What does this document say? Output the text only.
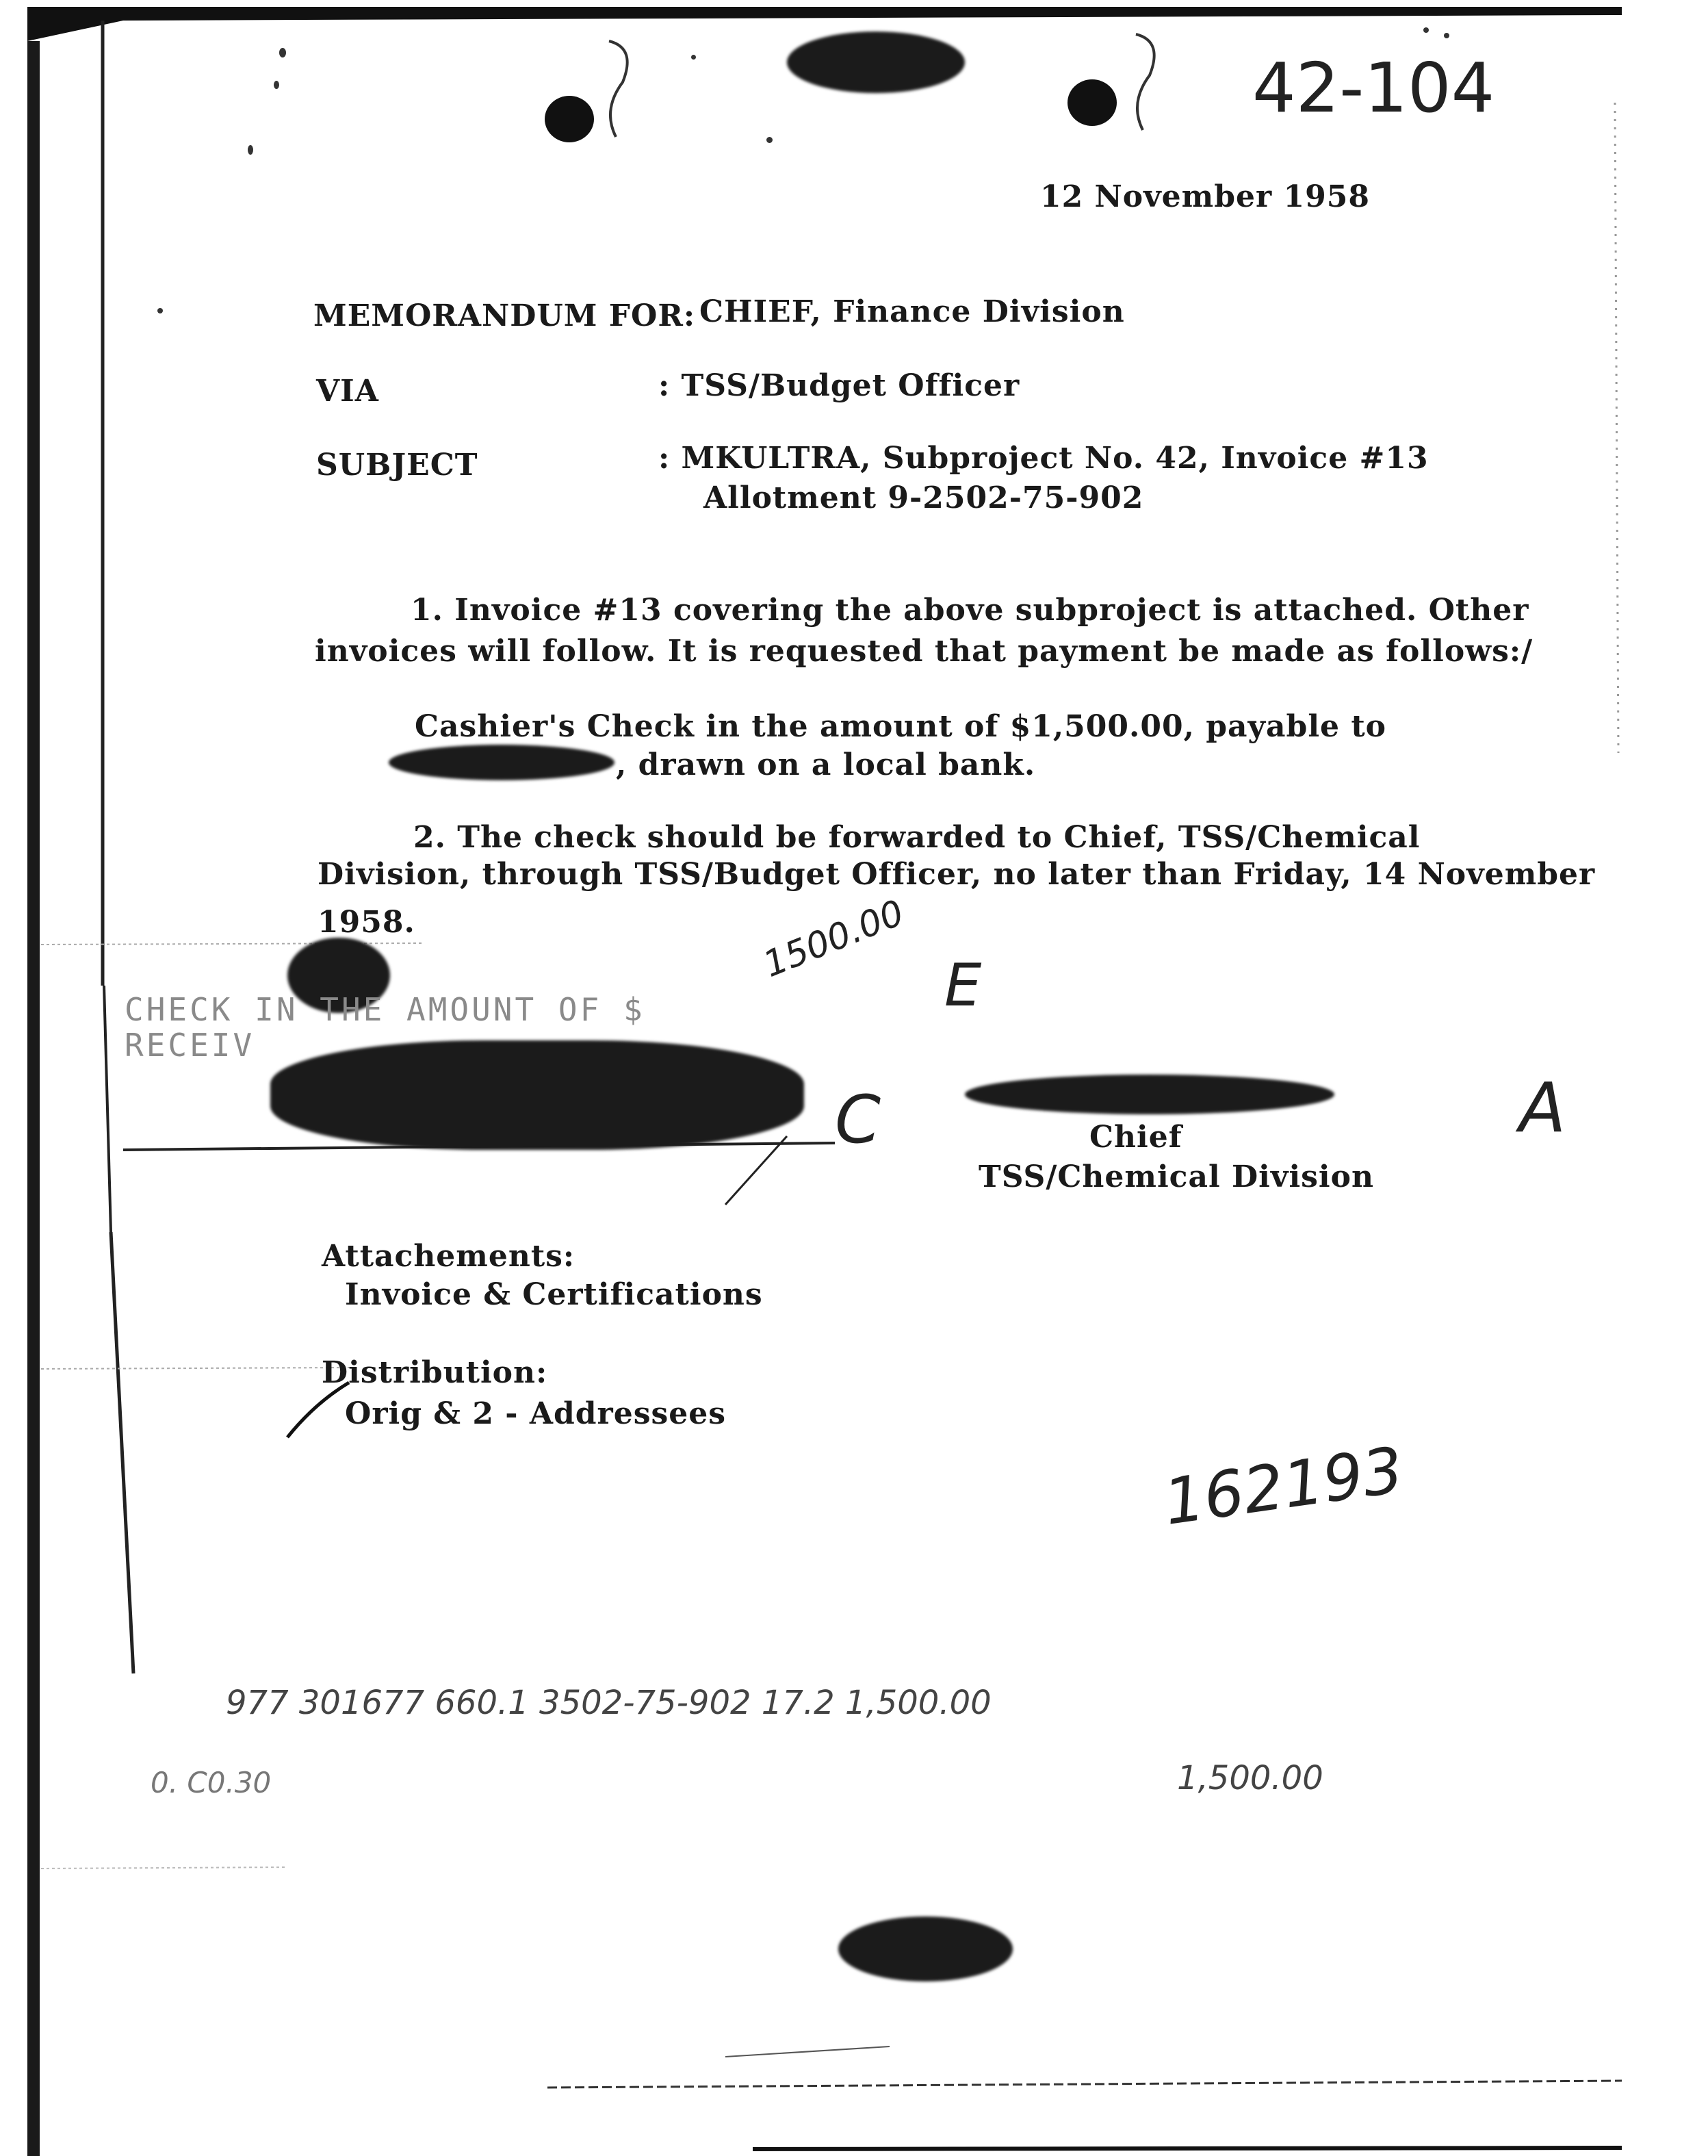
42-104
12 November 1958
MEMORANDUM FOR: CHIEF, Finance Division
VIA	: TSS/Budget Officer
SUBJECT	: MKULTRA, Subproject No. 42, Invoice #13
Allotment 9-2502-75-902
1. Invoice #13 covering the above subproject is attached. Other
invoices will follow. It is requested that payment be made as follows:/
Cashier's Check in the amount of $1,500.00, payable to
, drawn on a local bank.
2. The check should be forwarded to Chief, TSS/Chemical
Division, through TSS/Budget Officer, no later than Friday, 14 November
1958.
CHECK IN THE AMOUNT OF $
RECEIV
1500.00 E
C	A
Chief
TSS/Chemical Division
Attachements:
Invoice & Certifications
Distribution:
Orig & 2 - Addressees
162193
977 301677 660.1 3502-75-902 17.2 1,500.00
1,500.00
0. C0.30
